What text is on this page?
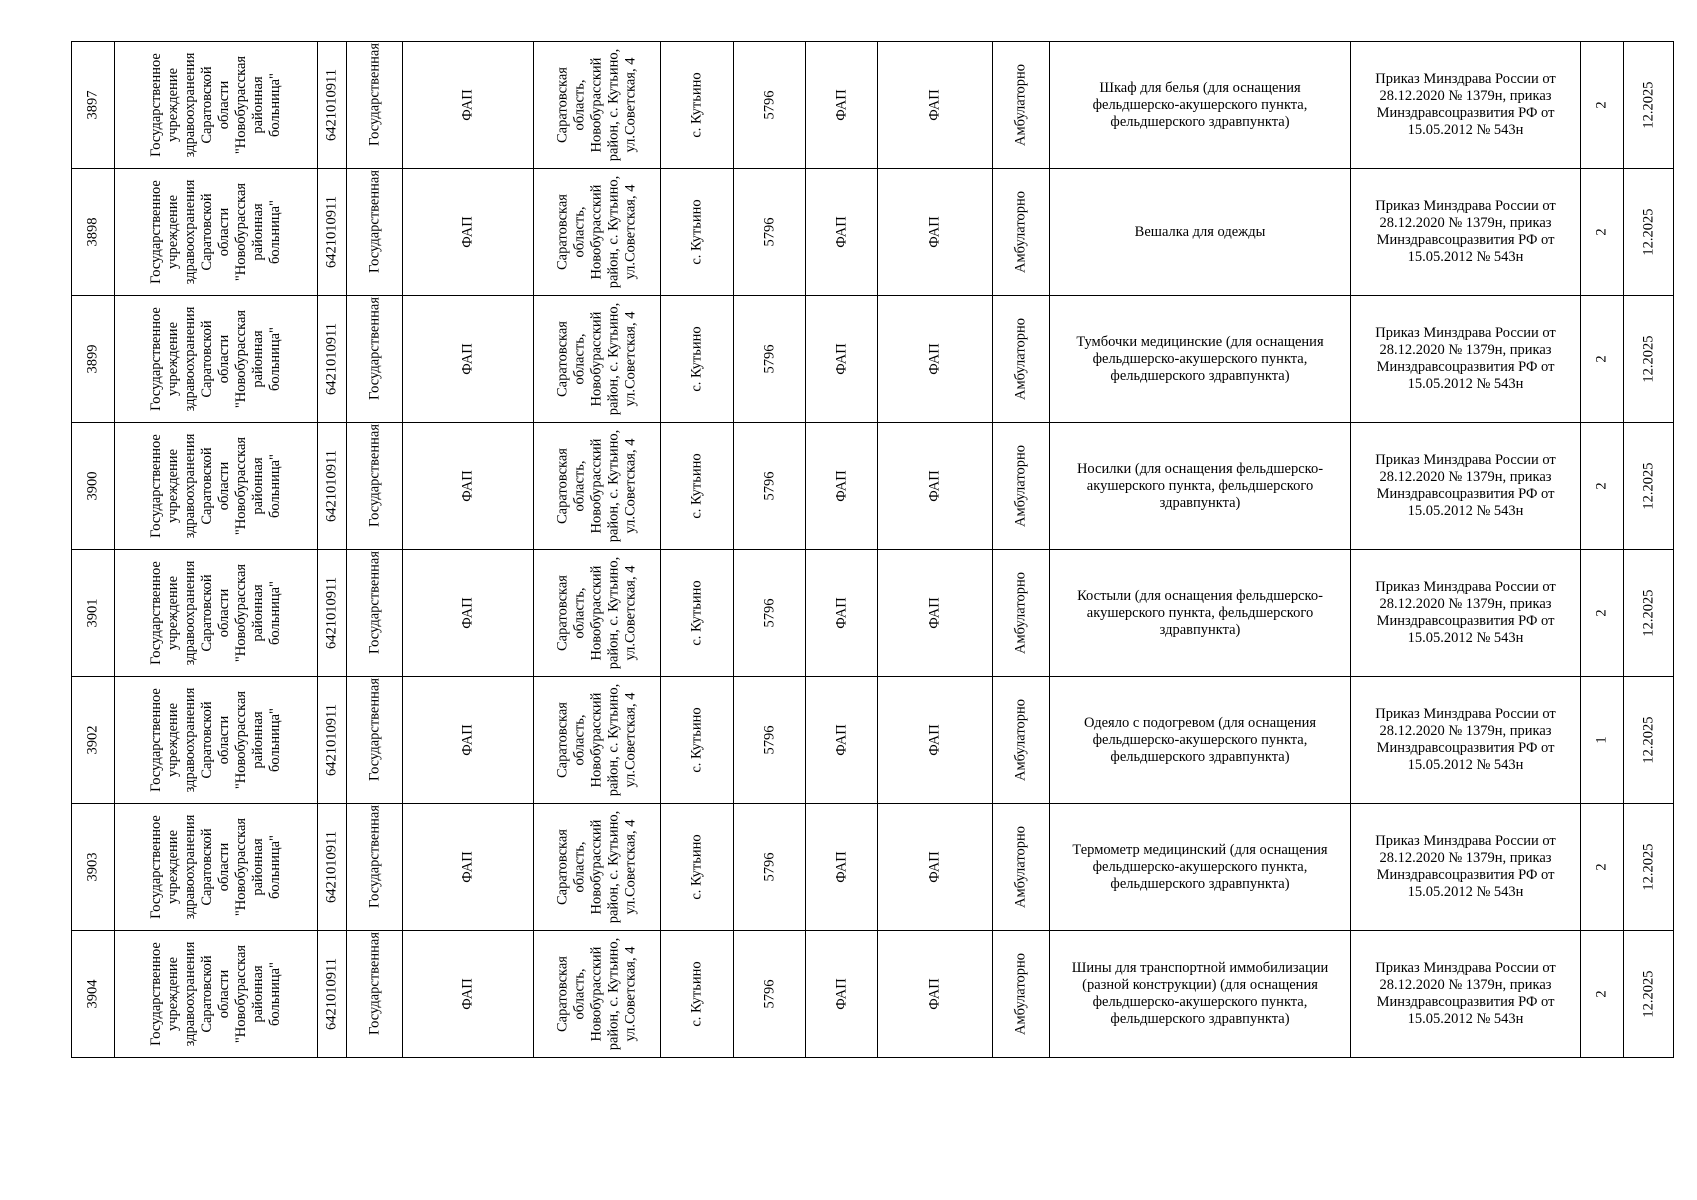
3897	Государственное учреждение здравоохранения Саратовской области "Новобурасская районная больница"	6421010911	Государственная	ФАП	Саратовская область, Новобурасский район, с. Кутьино, ул.Советская, 4	с. Кутьино	5796	ФАП	ФАП	Амбулаторно	Шкаф для белья (для оснащения фельдшерско-акушерского пункта, фельдшерского здравпункта)	Приказ Минздрава России от 28.12.2020 № 1379н, приказ Минздравсоцразвития РФ от 15.05.2012 № 543н	2	12.2025

3898	Государственное учреждение здравоохранения Саратовской области "Новобурасская районная больница"	6421010911	Государственная	ФАП	Саратовская область, Новобурасский район, с. Кутьино, ул.Советская, 4	с. Кутьино	5796	ФАП	ФАП	Амбулаторно	Вешалка для одежды	Приказ Минздрава России от 28.12.2020 № 1379н, приказ Минздравсоцразвития РФ от 15.05.2012 № 543н	2	12.2025

3899	Государственное учреждение здравоохранения Саратовской области "Новобурасская районная больница"	6421010911	Государственная	ФАП	Саратовская область, Новобурасский район, с. Кутьино, ул.Советская, 4	с. Кутьино	5796	ФАП	ФАП	Амбулаторно	Тумбочки медицинские (для оснащения фельдшерско-акушерского пункта, фельдшерского здравпункта)	Приказ Минздрава России от 28.12.2020 № 1379н, приказ Минздравсоцразвития РФ от 15.05.2012 № 543н	2	12.2025

3900	Государственное учреждение здравоохранения Саратовской области "Новобурасская районная больница"	6421010911	Государственная	ФАП	Саратовская область, Новобурасский район, с. Кутьино, ул.Советская, 4	с. Кутьино	5796	ФАП	ФАП	Амбулаторно	Носилки (для оснащения фельдшерско-акушерского пункта, фельдшерского здравпункта)	Приказ Минздрава России от 28.12.2020 № 1379н, приказ Минздравсоцразвития РФ от 15.05.2012 № 543н	2	12.2025

3901	Государственное учреждение здравоохранения Саратовской области "Новобурасская районная больница"	6421010911	Государственная	ФАП	Саратовская область, Новобурасский район, с. Кутьино, ул.Советская, 4	с. Кутьино	5796	ФАП	ФАП	Амбулаторно	Костыли (для оснащения фельдшерско-акушерского пункта, фельдшерского здравпункта)	Приказ Минздрава России от 28.12.2020 № 1379н, приказ Минздравсоцразвития РФ от 15.05.2012 № 543н	2	12.2025

3902	Государственное учреждение здравоохранения Саратовской области "Новобурасская районная больница"	6421010911	Государственная	ФАП	Саратовская область, Новобурасский район, с. Кутьино, ул.Советская, 4	с. Кутьино	5796	ФАП	ФАП	Амбулаторно	Одеяло с подогревом (для оснащения фельдшерско-акушерского пункта, фельдшерского здравпункта)	Приказ Минздрава России от 28.12.2020 № 1379н, приказ Минздравсоцразвития РФ от 15.05.2012 № 543н	1	12.2025

3903	Государственное учреждение здравоохранения Саратовской области "Новобурасская районная больница"	6421010911	Государственная	ФАП	Саратовская область, Новобурасский район, с. Кутьино, ул.Советская, 4	с. Кутьино	5796	ФАП	ФАП	Амбулаторно	Термометр медицинский (для оснащения фельдшерско-акушерского пункта, фельдшерского здравпункта)	Приказ Минздрава России от 28.12.2020 № 1379н, приказ Минздравсоцразвития РФ от 15.05.2012 № 543н	2	12.2025

3904	Государственное учреждение здравоохранения Саратовской области "Новобурасская районная больница"	6421010911	Государственная	ФАП	Саратовская область, Новобурасский район, с. Кутьино, ул.Советская, 4	с. Кутьино	5796	ФАП	ФАП	Амбулаторно	Шины для транспортной иммобилизации (разной конструкции) (для оснащения фельдшерско-акушерского пункта, фельдшерского здравпункта)	Приказ Минздрава России от 28.12.2020 № 1379н, приказ Минздравсоцразвития РФ от 15.05.2012 № 543н	2	12.2025
